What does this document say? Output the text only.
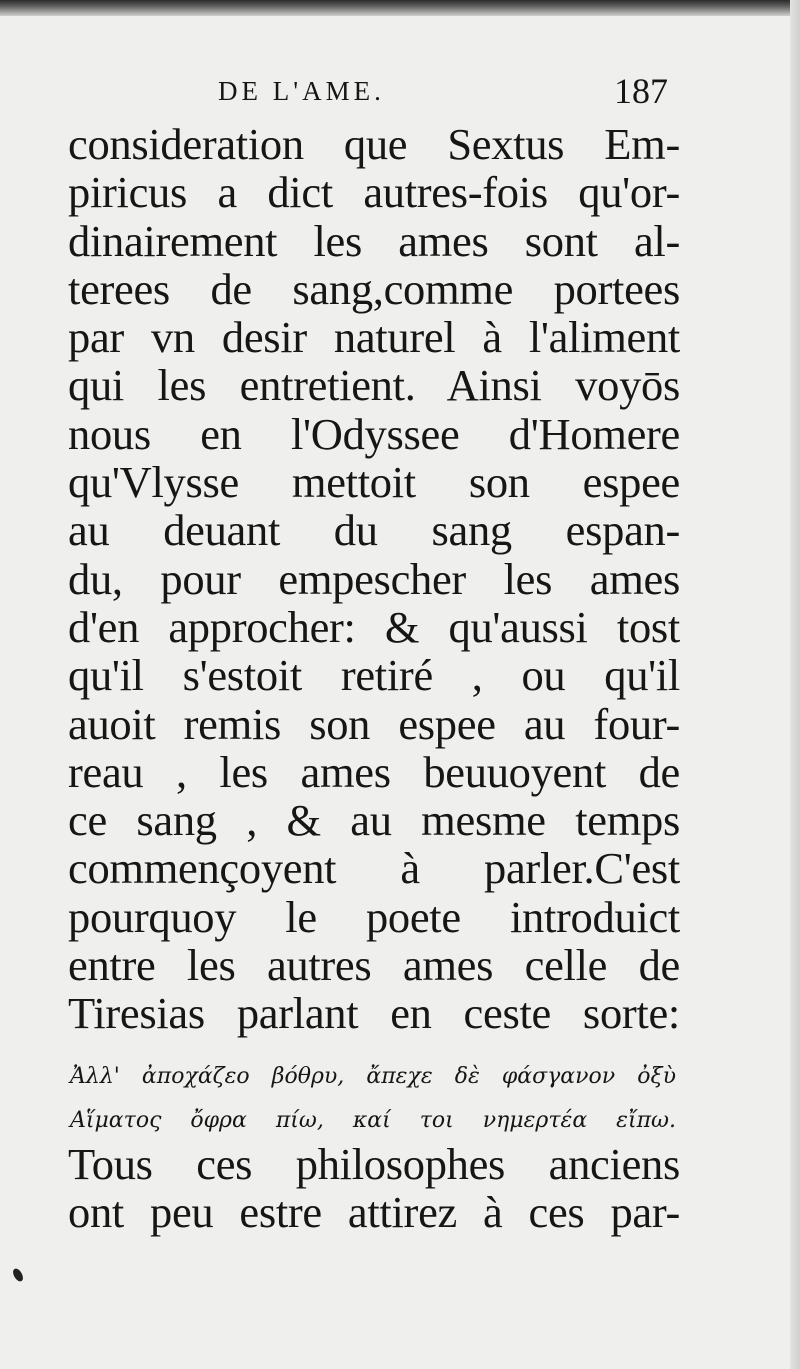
DE L'AME.	187
consideration que Sextus Em-
piricus a dict autres-fois qu'or-
dinairement les ames sont al-
terees de sang,comme portees
par vn desir naturel à l'aliment
qui les entretient. Ainsi voyōs
nous en l'Odyssee d'Homere
qu'Vlysse mettoit son espee
au deuant du sang espan-
du, pour empescher les ames
d'en approcher: & qu'aussi tost
qu'il s'estoit retiré , ou qu'il
auoit remis son espee au four-
reau , les ames beuuoyent de
ce sang , & au mesme temps
commençoyent à parler.C'est
pourquoy le poete introduict
entre les autres ames celle de
Tiresias parlant en ceste sorte:
Ἀλλ' ἀποχάζεο βόθρυ, ἄπεχε δὲ φάσγανον ὀξὺ
Αἵματος ὄφρα πίω, καί τοι νημερτέα εἴπω.
Tous ces philosophes anciens
ont peu estre attirez à ces par-
